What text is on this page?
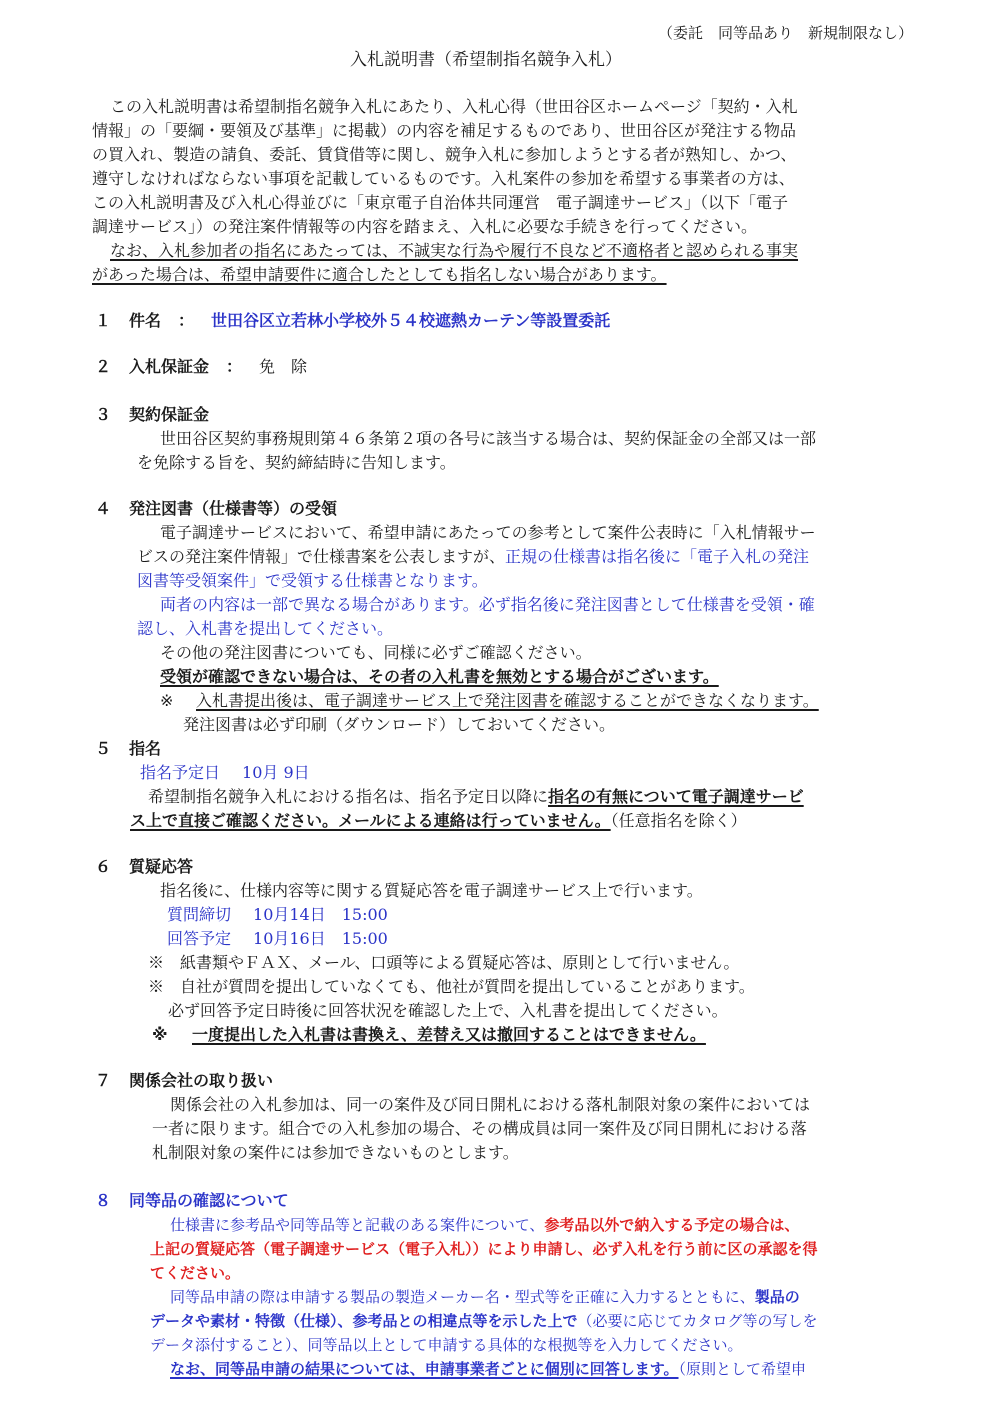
（委託　同等品あり　新規制限なし）
入札説明書（希望制指名競争入札）
この入札説明書は希望制指名競争入札にあたり、入札心得（世田谷区ホームページ「契約・入札
情報」の「要綱・要領及び基準」に掲載）の内容を補足するものであり、世田谷区が発注する物品
の買入れ、製造の請負、委託、賃貸借等に関し、競争入札に参加しようとする者が熟知し、かつ、
遵守しなければならない事項を記載しているものです。入札案件の参加を希望する事業者の方は、
この入札説明書及び入札心得並びに「東京電子自治体共同運営　電子調達サービス」（以下「電子
調達サービス」）の発注案件情報等の内容を踏まえ、入札に必要な手続きを行ってください。
なお、入札参加者の指名にあたっては、不誠実な行為や履行不良など不適格者と認められる事実
があった場合は、希望申請要件に適合したとしても指名しない場合があります。
１ 件名 ： 世田谷区立若林小学校外５４校遮熱カーテン等設置委託
２ 入札保証金 ： 免　除
３ 契約保証金
世田谷区契約事務規則第４６条第２項の各号に該当する場合は、契約保証金の全部又は一部
を免除する旨を、契約締結時に告知します。
４ 発注図書（仕様書等）の受領
電子調達サービスにおいて、希望申請にあたっての参考として案件公表時に「入札情報サー
ビスの発注案件情報」で仕様書案を公表しますが、正規の仕様書は指名後に「電子入札の発注
図書等受領案件」で受領する仕様書となります。
両者の内容は一部で異なる場合があります。必ず指名後に発注図書として仕様書を受領・確
認し、入札書を提出してください。
その他の発注図書についても、同様に必ずご確認ください。
受領が確認できない場合は、その者の入札書を無効とする場合がございます。
※ 入札書提出後は、電子調達サービス上で発注図書を確認することができなくなります。
発注図書は必ず印刷（ダウンロード）しておいてください。
５ 指名
指名予定日 10月 9日
希望制指名競争入札における指名は、指名予定日以降に指名の有無について電子調達サービ
ス上で直接ご確認ください。メールによる連絡は行っていません。（任意指名を除く）
６ 質疑応答
指名後に、仕様内容等に関する質疑応答を電子調達サービス上で行います。
質問締切 10月14日　15:00
回答予定 10月16日　15:00
※　紙書類やＦＡＸ、メール、口頭等による質疑応答は、原則として行いません。
※　自社が質問を提出していなくても、他社が質問を提出していることがあります。
必ず回答予定日時後に回答状況を確認した上で、入札書を提出してください。
※ 一度提出した入札書は書換え、差替え又は撤回することはできません。
７ 関係会社の取り扱い
関係会社の入札参加は、同一の案件及び同日開札における落札制限対象の案件においては
一者に限ります。組合での入札参加の場合、その構成員は同一案件及び同日開札における落
札制限対象の案件には参加できないものとします。
８ 同等品の確認について
仕様書に参考品や同等品等と記載のある案件について、参考品以外で納入する予定の場合は、
上記の質疑応答（電子調達サービス（電子入札））により申請し、必ず入札を行う前に区の承認を得
てください。
同等品申請の際は申請する製品の製造メーカー名・型式等を正確に入力するとともに、製品の
データや素材・特徴（仕様）、参考品との相違点等を示した上で（必要に応じてカタログ等の写しを
データ添付すること）、同等品以上として申請する具体的な根拠等を入力してください。
なお、同等品申請の結果については、申請事業者ごとに個別に回答します。（原則として希望申
